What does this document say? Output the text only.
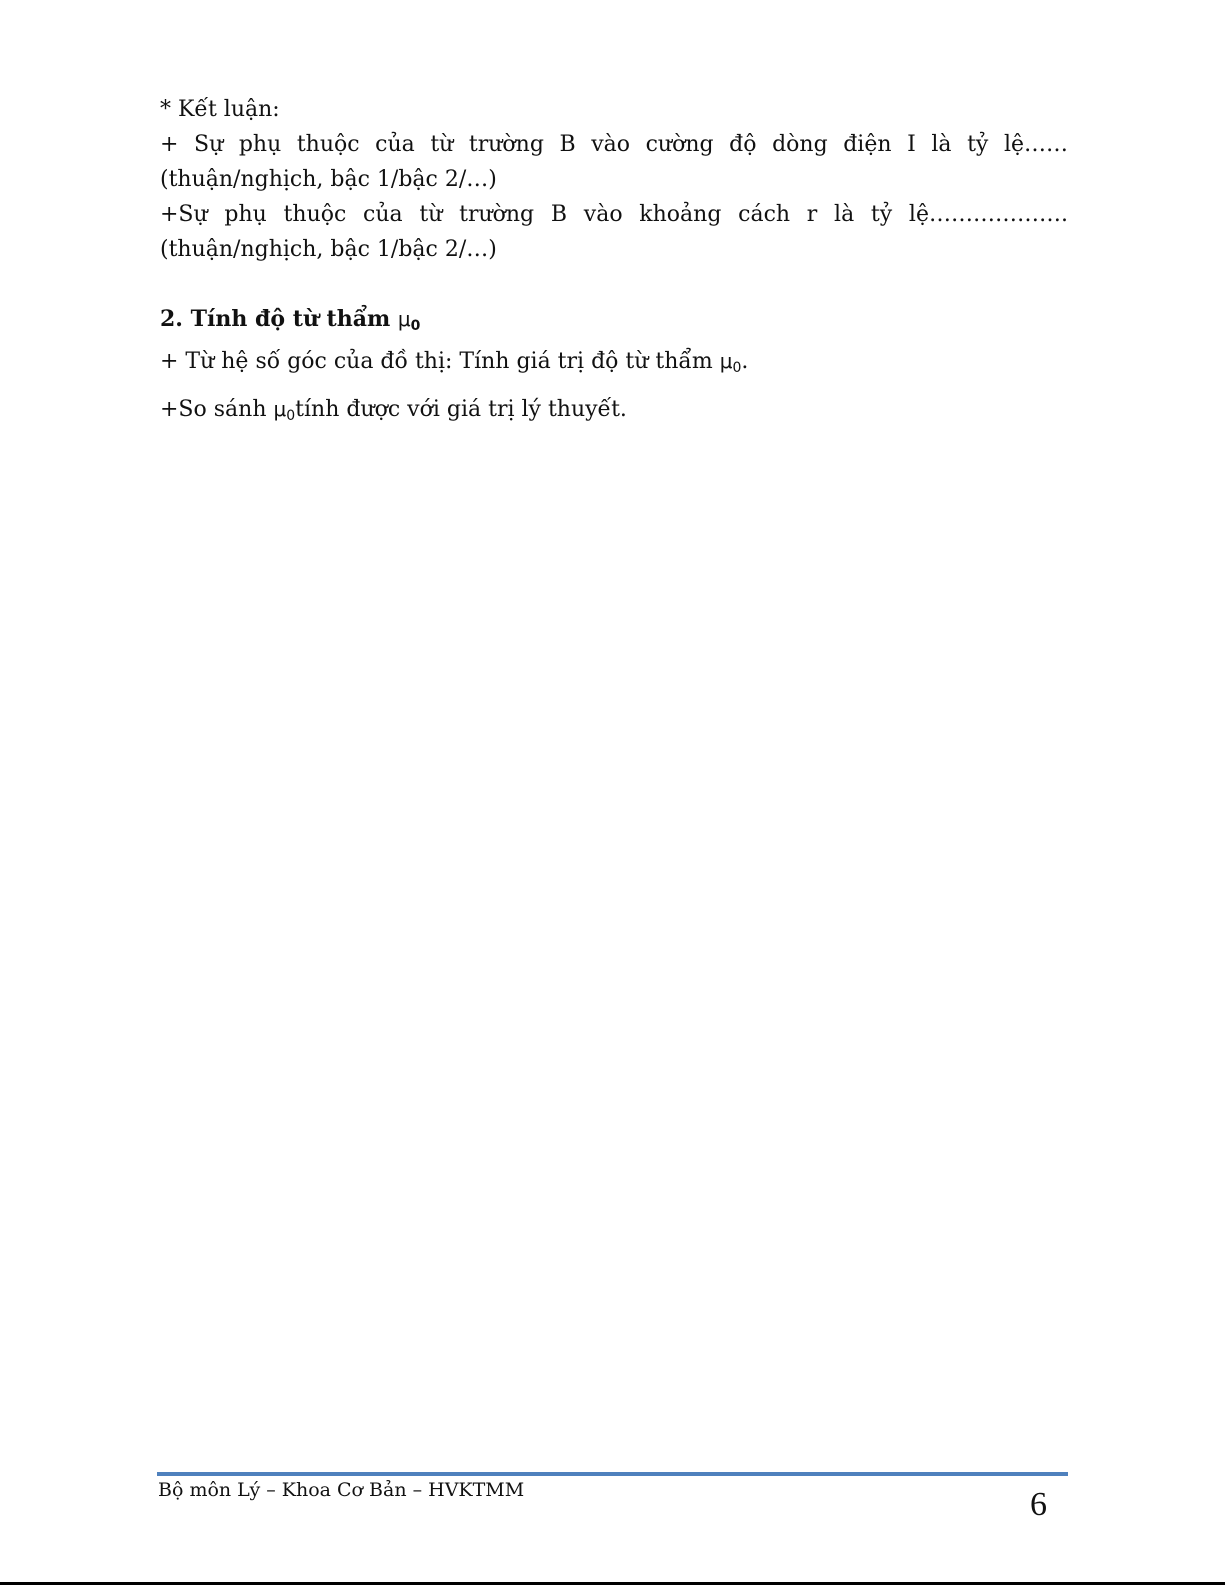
* Kết luận:

+ Sự phụ thuộc của từ trường B vào cường độ dòng điện I là tỷ lệ……

(thuận/nghịch, bậc 1/bậc 2/…)

+Sự phụ thuộc của từ trường B vào khoảng cách r là tỷ lệ……………….

(thuận/nghịch, bậc 1/bậc 2/…)

2. Tính độ từ thẩm $\mu_0$

+ Từ hệ số góc của đồ thị: Tính giá trị độ từ thẩm $\mu_0$.

+So sánh $\mu_0tính$ được với giá trị lý thuyết.

Bộ môn Lý – Khoa Cơ Bản – HVKTMM	6
